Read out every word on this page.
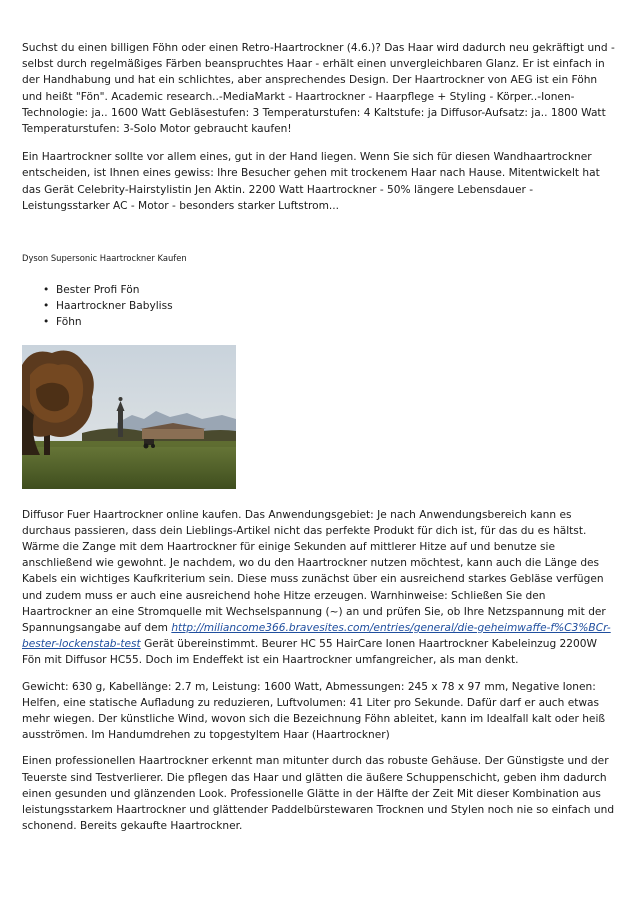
Suchst du einen billigen Föhn oder einen Retro-Haartrockner (4.6.)? Das Haar wird dadurch neu gekräftigt und - selbst durch regelmäßiges Färben beanspruchtes Haar - erhält einen unvergleichbaren Glanz. Er ist einfach in der Handhabung und hat ein schlichtes, aber ansprechendes Design. Der Haartrockner von AEG ist ein Föhn und heißt "Fön". Academic research..-MediaMarkt - Haartrockner - Haarpflege + Styling - Körper..-Ionen-Technologie: ja.. 1600 Watt Gebläsestufen: 3 Temperaturstufen: 4 Kaltstufe: ja Diffusor-Aufsatz: ja.. 1800 Watt Temperaturstufen: 3-Solo Motor gebraucht kaufen!

Ein Haartrockner sollte vor allem eines, gut in der Hand liegen. Wenn Sie sich für diesen Wandhaartrockner entscheiden, ist Ihnen eines gewiss: Ihre Besucher gehen mit trockenem Haar nach Hause. Mitentwickelt hat das Gerät Celebrity-Hairstylistin Jen Aktin. 2200 Watt Haartrockner - 50% längere Lebensdauer - Leistungsstarker AC - Motor - besonders starker Luftstrom...

Dyson Supersonic Haartrockner Kaufen

• Bester Profi Fön
• Haartrockner Babyliss
• Föhn

Diffusor Fuer Haartrockner online kaufen. Das Anwendungsgebiet: Je nach Anwendungsbereich kann es durchaus passieren, dass dein Lieblings-Artikel nicht das perfekte Produkt für dich ist, für das du es hältst. Wärme die Zange mit dem Haartrockner für einige Sekunden auf mittlerer Hitze auf und benutze sie anschließend wie gewohnt. Je nachdem, wo du den Haartrockner nutzen möchtest, kann auch die Länge des Kabels ein wichtiges Kaufkriterium sein. Diese muss zunächst über ein ausreichend starkes Gebläse verfügen und zudem muss er auch eine ausreichend hohe Hitze erzeugen. Warnhinweise: Schließen Sie den Haartrockner an eine Stromquelle mit Wechselspannung (~) an und prüfen Sie, ob Ihre Netzspannung mit der Spannungsangabe auf dem http://miliancome366.bravesites.com/entries/general/die-geheimwaffe-f%C3%BCr-bester-lockenstab-test Gerät übereinstimmt. Beurer HC 55 HairCare Ionen Haartrockner Kabeleinzug 2200W Fön mit Diffusor HC55. Doch im Endeffekt ist ein Haartrockner umfangreicher, als man denkt.

Gewicht: 630 g, Kabellänge: 2.7 m, Leistung: 1600 Watt, Abmessungen: 245 x 78 x 97 mm, Negative Ionen: Helfen, eine statische Aufladung zu reduzieren, Luftvolumen: 41 Liter pro Sekunde. Dafür darf er auch etwas mehr wiegen. Der künstliche Wind, wovon sich die Bezeichnung Föhn ableitet, kann im Idealfall kalt oder heiß ausströmen. Im Handumdrehen zu topgestyltem Haar (Haartrockner)

Einen professionellen Haartrockner erkennt man mitunter durch das robuste Gehäuse. Der Günstigste und der Teuerste sind Testverlierer. Die pflegen das Haar und glätten die äußere Schuppenschicht, geben ihm dadurch einen gesunden und glänzenden Look. Professionelle Glätte in der Hälfte der Zeit Mit dieser Kombination aus leistungsstarkem Haartrockner und glättender Paddelbürstewaren Trocknen und Stylen noch nie so einfach und schonend. Bereits gekaufte Haartrockner.
